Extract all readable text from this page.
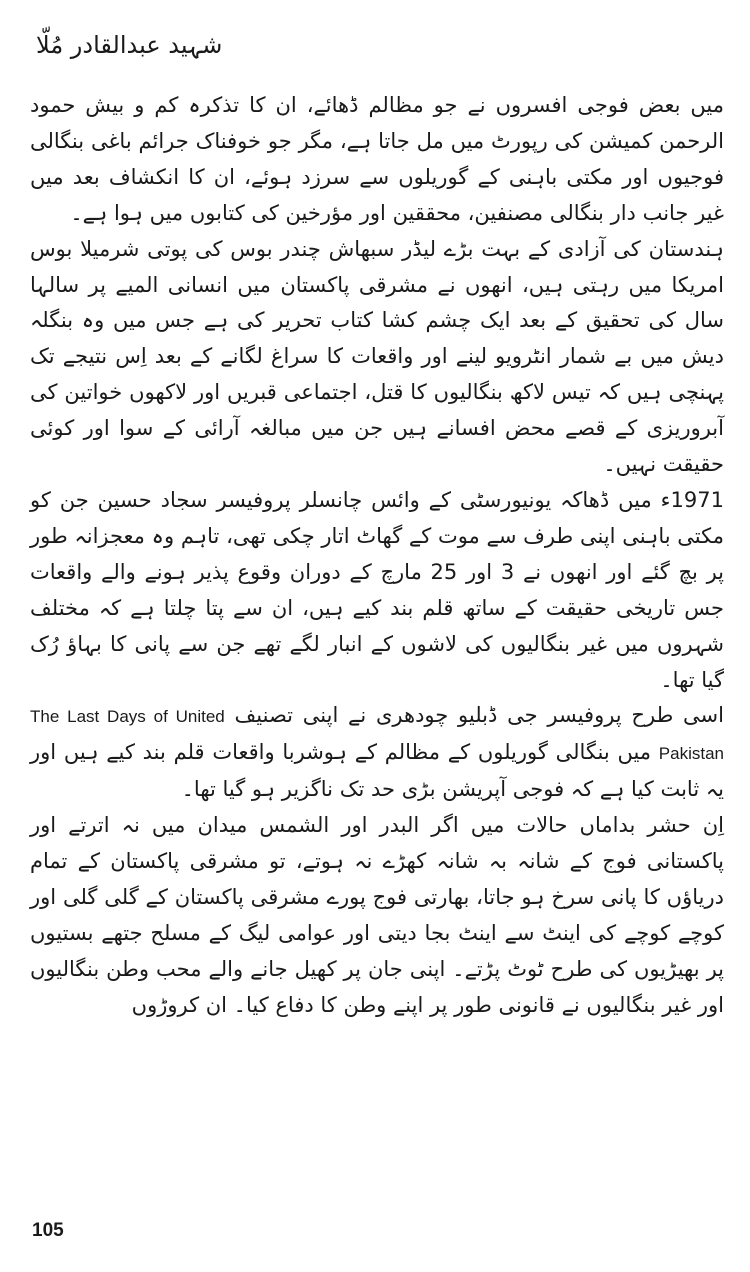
شہید عبدالقادر مُلّا

میں بعض فوجی افسروں نے جو مظالم ڈھائے، ان کا تذکرہ کم و بیش حمود الرحمن کمیشن کی رپورٹ میں مل جاتا ہے، مگر جو خوفناک جرائم باغی بنگالی فوجیوں اور مکتی باہنی کے گوریلوں سے سرزد ہوئے، ان کا انکشاف بعد میں غیر جانب دار بنگالی مصنفین، محققین اور مؤرخین کی کتابوں میں ہوا ہے۔

ہندستان کی آزادی کے بہت بڑے لیڈر سبھاش چندر بوس کی پوتی شرمیلا بوس امریکا میں رہتی ہیں، انھوں نے مشرقی پاکستان میں انسانی المیے پر سالہا سال کی تحقیق کے بعد ایک چشم کشا کتاب تحریر کی ہے جس میں وہ بنگلہ دیش میں بے شمار انٹرویو لینے اور واقعات کا سراغ لگانے کے بعد اِس نتیجے تک پہنچی ہیں کہ تیس لاکھ بنگالیوں کا قتل، اجتماعی قبریں اور لاکھوں خواتین کی آبروریزی کے قصے محض افسانے ہیں جن میں مبالغہ آرائی کے سوا اور کوئی حقیقت نہیں۔

1971ء میں ڈھاکہ یونیورسٹی کے وائس چانسلر پروفیسر سجاد حسین جن کو مکتی باہنی اپنی طرف سے موت کے گھاٹ اتار چکی تھی، تاہم وہ معجزانہ طور پر بچ گئے اور انھوں نے 3 اور 25 مارچ کے دوران وقوع پذیر ہونے والے واقعات جس تاریخی حقیقت کے ساتھ قلم بند کیے ہیں، ان سے پتا چلتا ہے کہ مختلف شہروں میں غیر بنگالیوں کی لاشوں کے انبار لگے تھے جن سے پانی کا بہاؤ رُک گیا تھا۔

اسی طرح پروفیسر جی ڈبلیو چودھری نے اپنی تصنیف The Last Days of United Pakistan میں بنگالی گوریلوں کے مظالم کے ہوشربا واقعات قلم بند کیے ہیں اور یہ ثابت کیا ہے کہ فوجی آپریشن بڑی حد تک ناگزیر ہو گیا تھا۔

اِن حشر بداماں حالات میں اگر البدر اور الشمس میدان میں نہ اترتے اور پاکستانی فوج کے شانہ بہ شانہ کھڑے نہ ہوتے، تو مشرقی پاکستان کے تمام دریاؤں کا پانی سرخ ہو جاتا، بھارتی فوج پورے مشرقی پاکستان کے گلی گلی اور کوچے کوچے کی اینٹ سے اینٹ بجا دیتی اور عوامی لیگ کے مسلح جتھے بستیوں پر بھیڑیوں کی طرح ٹوٹ پڑتے۔ اپنی جان پر کھیل جانے والے محب وطن بنگالیوں اور غیر بنگالیوں نے قانونی طور پر اپنے وطن کا دفاع کیا۔ ان کروڑوں

105
